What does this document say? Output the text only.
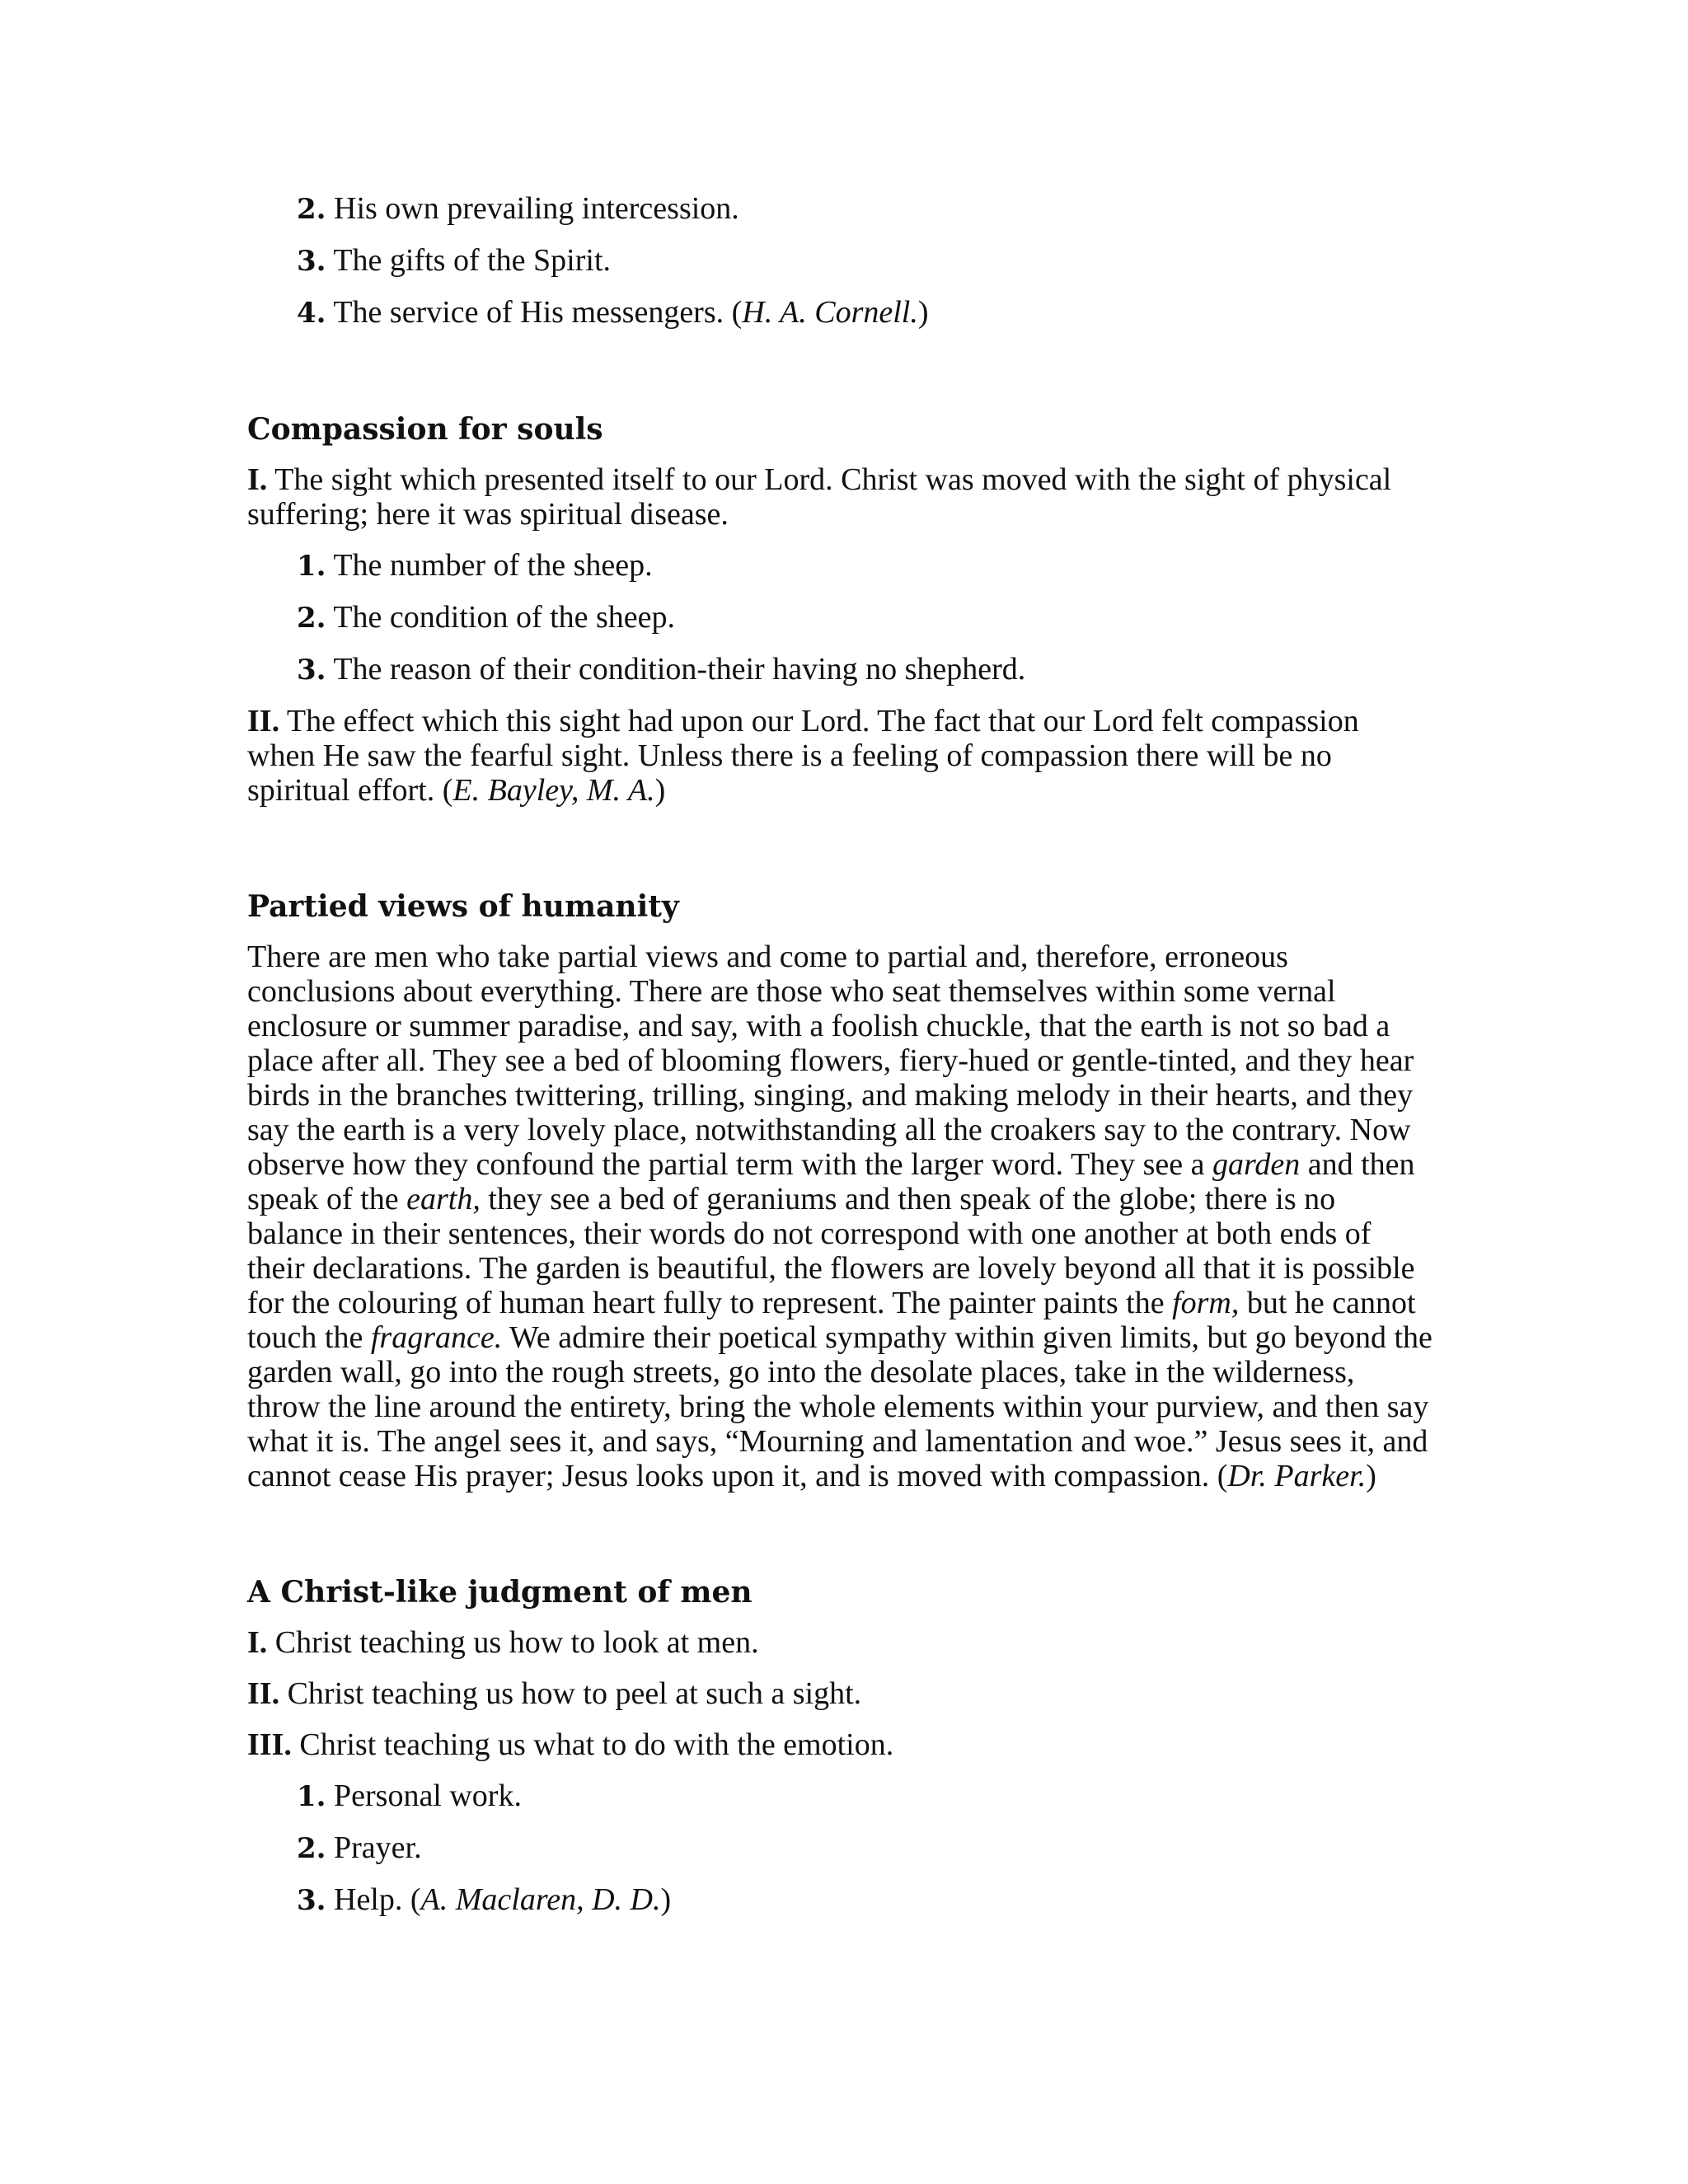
2. His own prevailing intercession.
3. The gifts of the Spirit.
4. The service of His messengers. (H. A. Cornell.)
Compassion for souls

I. The sight which presented itself to our Lord. Christ was moved with the sight of physical suffering; here it was spiritual disease.

1. The number of the sheep.
2. The condition of the sheep.
3. The reason of their condition-their having no shepherd.

II. The effect which this sight had upon our Lord. The fact that our Lord felt compassion when He saw the fearful sight. Unless there is a feeling of compassion there will be no spiritual effort. (E. Bayley, M. A.)

Partied views of humanity

There are men who take partial views and come to partial and, therefore, erroneous conclusions about everything. There are those who seat themselves within some vernal enclosure or summer paradise, and say, with a foolish chuckle, that the earth is not so bad a place after all. They see a bed of blooming flowers, fiery-hued or gentle-tinted, and they hear birds in the branches twittering, trilling, singing, and making melody in their hearts, and they say the earth is a very lovely place, notwithstanding all the croakers say to the contrary. Now observe how they confound the partial term with the larger word. They see a garden and then speak of the earth, they see a bed of geraniums and then speak of the globe; there is no balance in their sentences, their words do not correspond with one another at both ends of their declarations. The garden is beautiful, the flowers are lovely beyond all that it is possible for the colouring of human heart fully to represent. The painter paints the form, but he cannot touch the fragrance. We admire their poetical sympathy within given limits, but go beyond the garden wall, go into the rough streets, go into the desolate places, take in the wilderness, throw the line around the entirety, bring the whole elements within your purview, and then say what it is. The angel sees it, and says, “Mourning and lamentation and woe.” Jesus sees it, and cannot cease His prayer; Jesus looks upon it, and is moved with compassion. (Dr. Parker.)

A Christ-like judgment of men

I. Christ teaching us how to look at men.

II. Christ teaching us how to peel at such a sight.

III. Christ teaching us what to do with the emotion.

1. Personal work.
2. Prayer.
3. Help. (A. Maclaren, D. D.)
